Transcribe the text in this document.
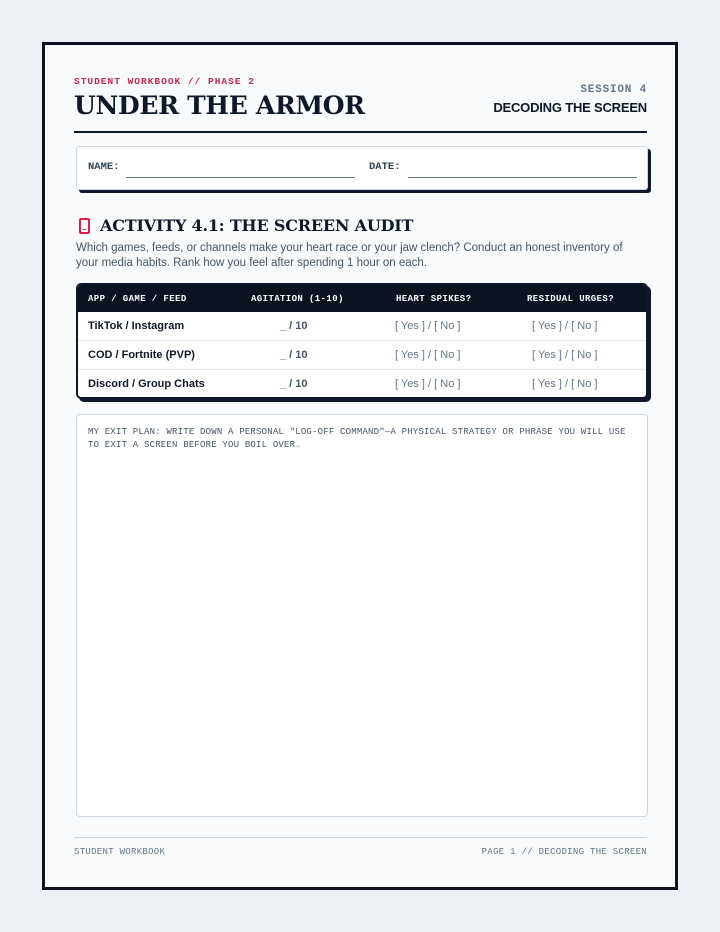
STUDENT WORKBOOK // PHASE 2
UNDER THE ARMOR
SESSION 4
DECODING THE SCREEN
NAME:	DATE:
ACTIVITY 4.1: THE SCREEN AUDIT
Which games, feeds, or channels make your heart race or your jaw clench? Conduct an honest inventory of your media habits. Rank how you feel after spending 1 hour on each.
APP / GAME / FEED	AGITATION (1-10)	HEART SPIKES?	RESIDUAL URGES?
TikTok / Instagram	_ / 10	[ Yes ] / [ No ]	[ Yes ] / [ No ]
COD / Fortnite (PVP)	_ / 10	[ Yes ] / [ No ]	[ Yes ] / [ No ]
Discord / Group Chats	_ / 10	[ Yes ] / [ No ]	[ Yes ] / [ No ]
MY EXIT PLAN: WRITE DOWN A PERSONAL "LOG-OFF COMMAND"—A PHYSICAL STRATEGY OR PHRASE YOU WILL USE TO EXIT A SCREEN BEFORE YOU BOIL OVER.
STUDENT WORKBOOK	PAGE 1 // DECODING THE SCREEN
